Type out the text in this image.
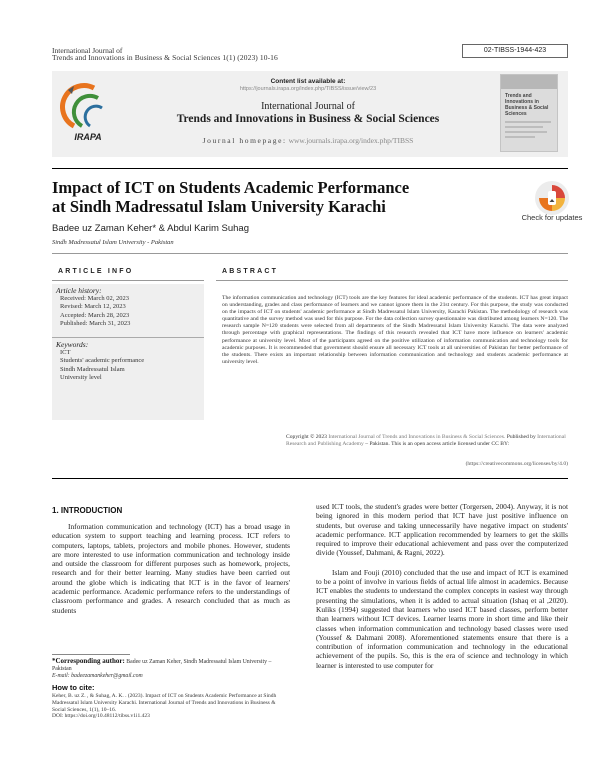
International Journal of
Trends and Innovations in Business & Social Sciences 1(1) (2023) 10-16
02-TIBSS-1944-423
IRAPA
Content list available at:
https://journals.irapa.org/index.php/TIBSS/issue/view/23
International Journal of
Trends and Innovations in Business & Social Sciences
Journal homepage: www.journals.irapa.org/index.php/TIBSS
Trends and Innovations in Business & Social Sciences
Impact of ICT on Students Academic Performance
at Sindh Madressatul Islam University Karachi
Badee uz Zaman Keher* & Abdul Karim Suhag
Sindh Madressatul Islam University - Pakistan
Check for updates
ARTICLE INFO	ABSTRACT
Article history:
Received: March 02, 2023
Revised: March 12, 2023
Accepted: March 28, 2023
Published: March 31, 2023
Keywords:
ICT
Students' academic performance
Sindh Madressatul Islam
University level
The information communication and technology (ICT) tools are the key features for ideal academic performance of the students. ICT has great impact on understanding, grades and class performance of learners and we cannot ignore them in the 21st century. For this purpose, the study was conducted on the impacts of ICT on students' academic performance at Sindh Madressatul Islam University, Karachi Pakistan. The methodology of research was quantitative and the survey method was used for this purpose. For the data collection survey questionnaire was distributed among learners N=120. The research sample N=120 students were selected from all departments of the Sindh Madressatul Islam University Karachi. The data were analyzed through percentage with graphical representations. The findings of this research revealed that ICT have more influence on learners' academic performance at university level. Most of the participants agreed on the positive utilization of information communication and technology tools for academic purposes. It is recommended that government should ensure all necessary ICT tools at all universities of Pakistan for better performance of the students. There exists an important relationship between information communication and technology and students academic performance at university level.
Copyright © 2023 International Journal of Trends and Innovations in Business & Social Sciences. Published by International Research and Publishing Academy – Pakistan. This is an open access article licensed under CC BY:
(https://creativecommons.org/licenses/by/4.0)
1. INTRODUCTION

Information communication and technology (ICT) has a broad usage in education system to support teaching and learning process. ICT refers to computers, laptops, tablets, projectors and mobile phones. However, students are more interested to use information communication and technology inside and outside the classroom for different purposes such as homework, projects, research and for their better learning. Many studies have been carried out around the globe which is indicating that ICT is in the favor of learners' academic performance. Academic performance refers to the understandings of classroom performance and grades. A research concluded that as much as students

used ICT tools, the student's grades were better (Torgersen, 2004). Anyway, it is not being ignored in this modern period that ICT have just positive influence on students, but overuse and taking unnecessarily have negative impact on students' academic performance. ICT application recommended by learners to get the skills required to improve their educational achievement and pass over the computerized divide (Youssef, Dahmani, & Ragni, 2022).

Islam and Fouji (2010) concluded that the use and impact of ICT is examined to be a point of involve in various fields of actual life almost in academics. Because ICT enables the students to understand the complex concepts in easiest way through presenting the simulations, when it is added to actual situation (Ishaq et al ,2020). Kuliks (1994) suggested that learners who used ICT based classes, perform better than learners without ICT devices. Learner learns more in short time and like their classes when information communication and technology based classes were used (Youssef & Dahmani 2008). Aforementioned statements ensure that there is a contribution of information communication and technology in the educational achievement of the pupils. So, this is the era of science and technology in which learner is interested to use computer for

*Corresponding author: Badee uz Zaman Keher, Sindh Madressatul Islam University – Pakistan
E-mail: badeezamankeher@gmail.com
How to cite:
Keher, B. uz Z. , & Suhag, A. K. . (2023). Impact of ICT on Students Academic Performance at Sindh Madressatul Islam University Karachi. International Journal of Trends and Innovations in Business & Social Sciences, 1(1), 10–16.
DOI: https://doi.org/10.48112/tibss.v1i1.423
